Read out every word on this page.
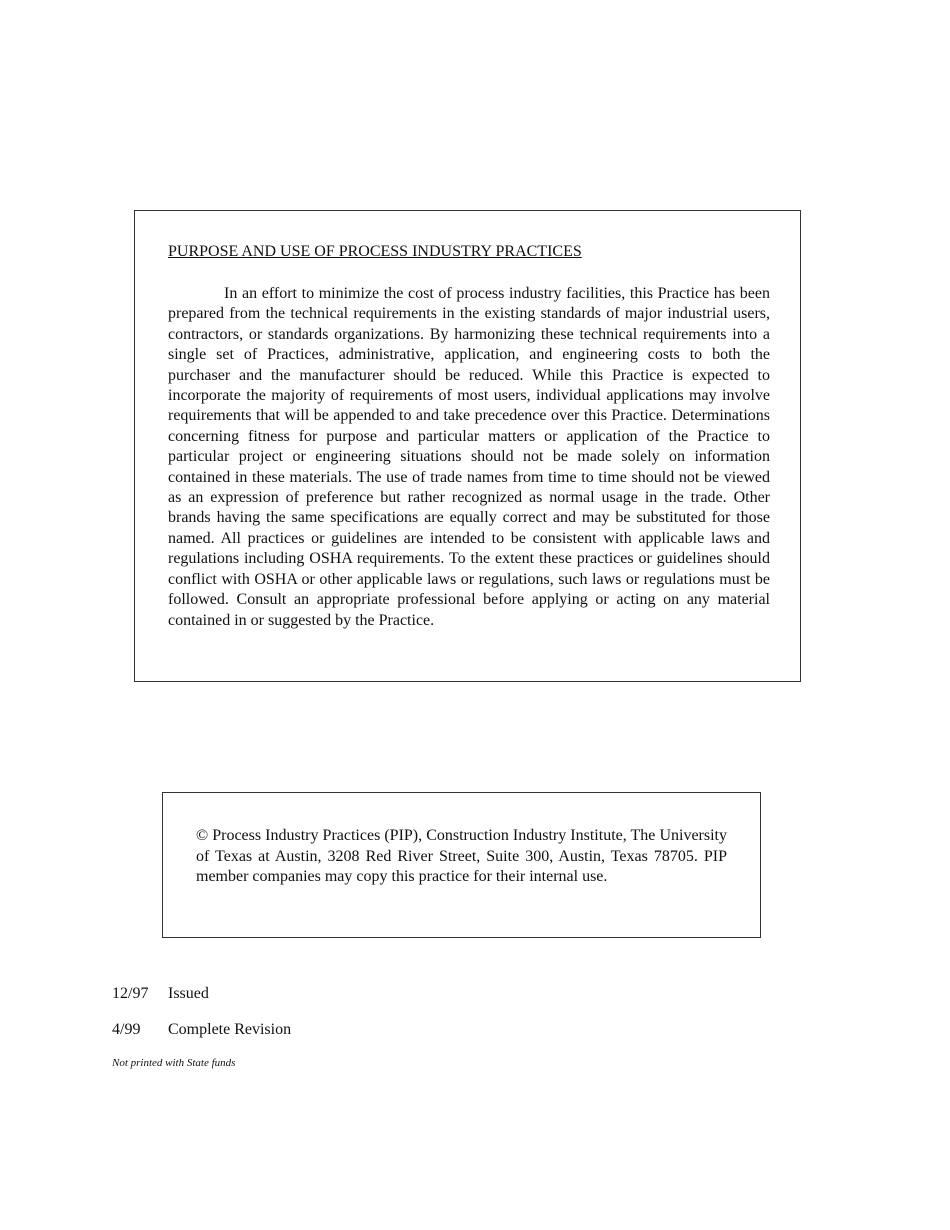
PURPOSE AND USE OF PROCESS INDUSTRY PRACTICES

In an effort to minimize the cost of process industry facilities, this Practice has been prepared from the technical requirements in the existing standards of major industrial users, contractors, or standards organizations. By harmonizing these technical requirements into a single set of Practices, administrative, application, and engineering costs to both the purchaser and the manufacturer should be reduced. While this Practice is expected to incorporate the majority of requirements of most users, individual applications may involve requirements that will be appended to and take precedence over this Practice. Determinations concerning fitness for purpose and particular matters or application of the Practice to particular project or engineering situations should not be made solely on information contained in these materials. The use of trade names from time to time should not be viewed as an expression of preference but rather recognized as normal usage in the trade. Other brands having the same specifications are equally correct and may be substituted for those named. All practices or guidelines are intended to be consistent with applicable laws and regulations including OSHA requirements. To the extent these practices or guidelines should conflict with OSHA or other applicable laws or regulations, such laws or regulations must be followed. Consult an appropriate professional before applying or acting on any material contained in or suggested by the Practice.

© Process Industry Practices (PIP), Construction Industry Institute, The University of Texas at Austin, 3208 Red River Street, Suite 300, Austin, Texas 78705. PIP member companies may copy this practice for their internal use.

12/97 Issued
4/99 Complete Revision
Not printed with State funds
